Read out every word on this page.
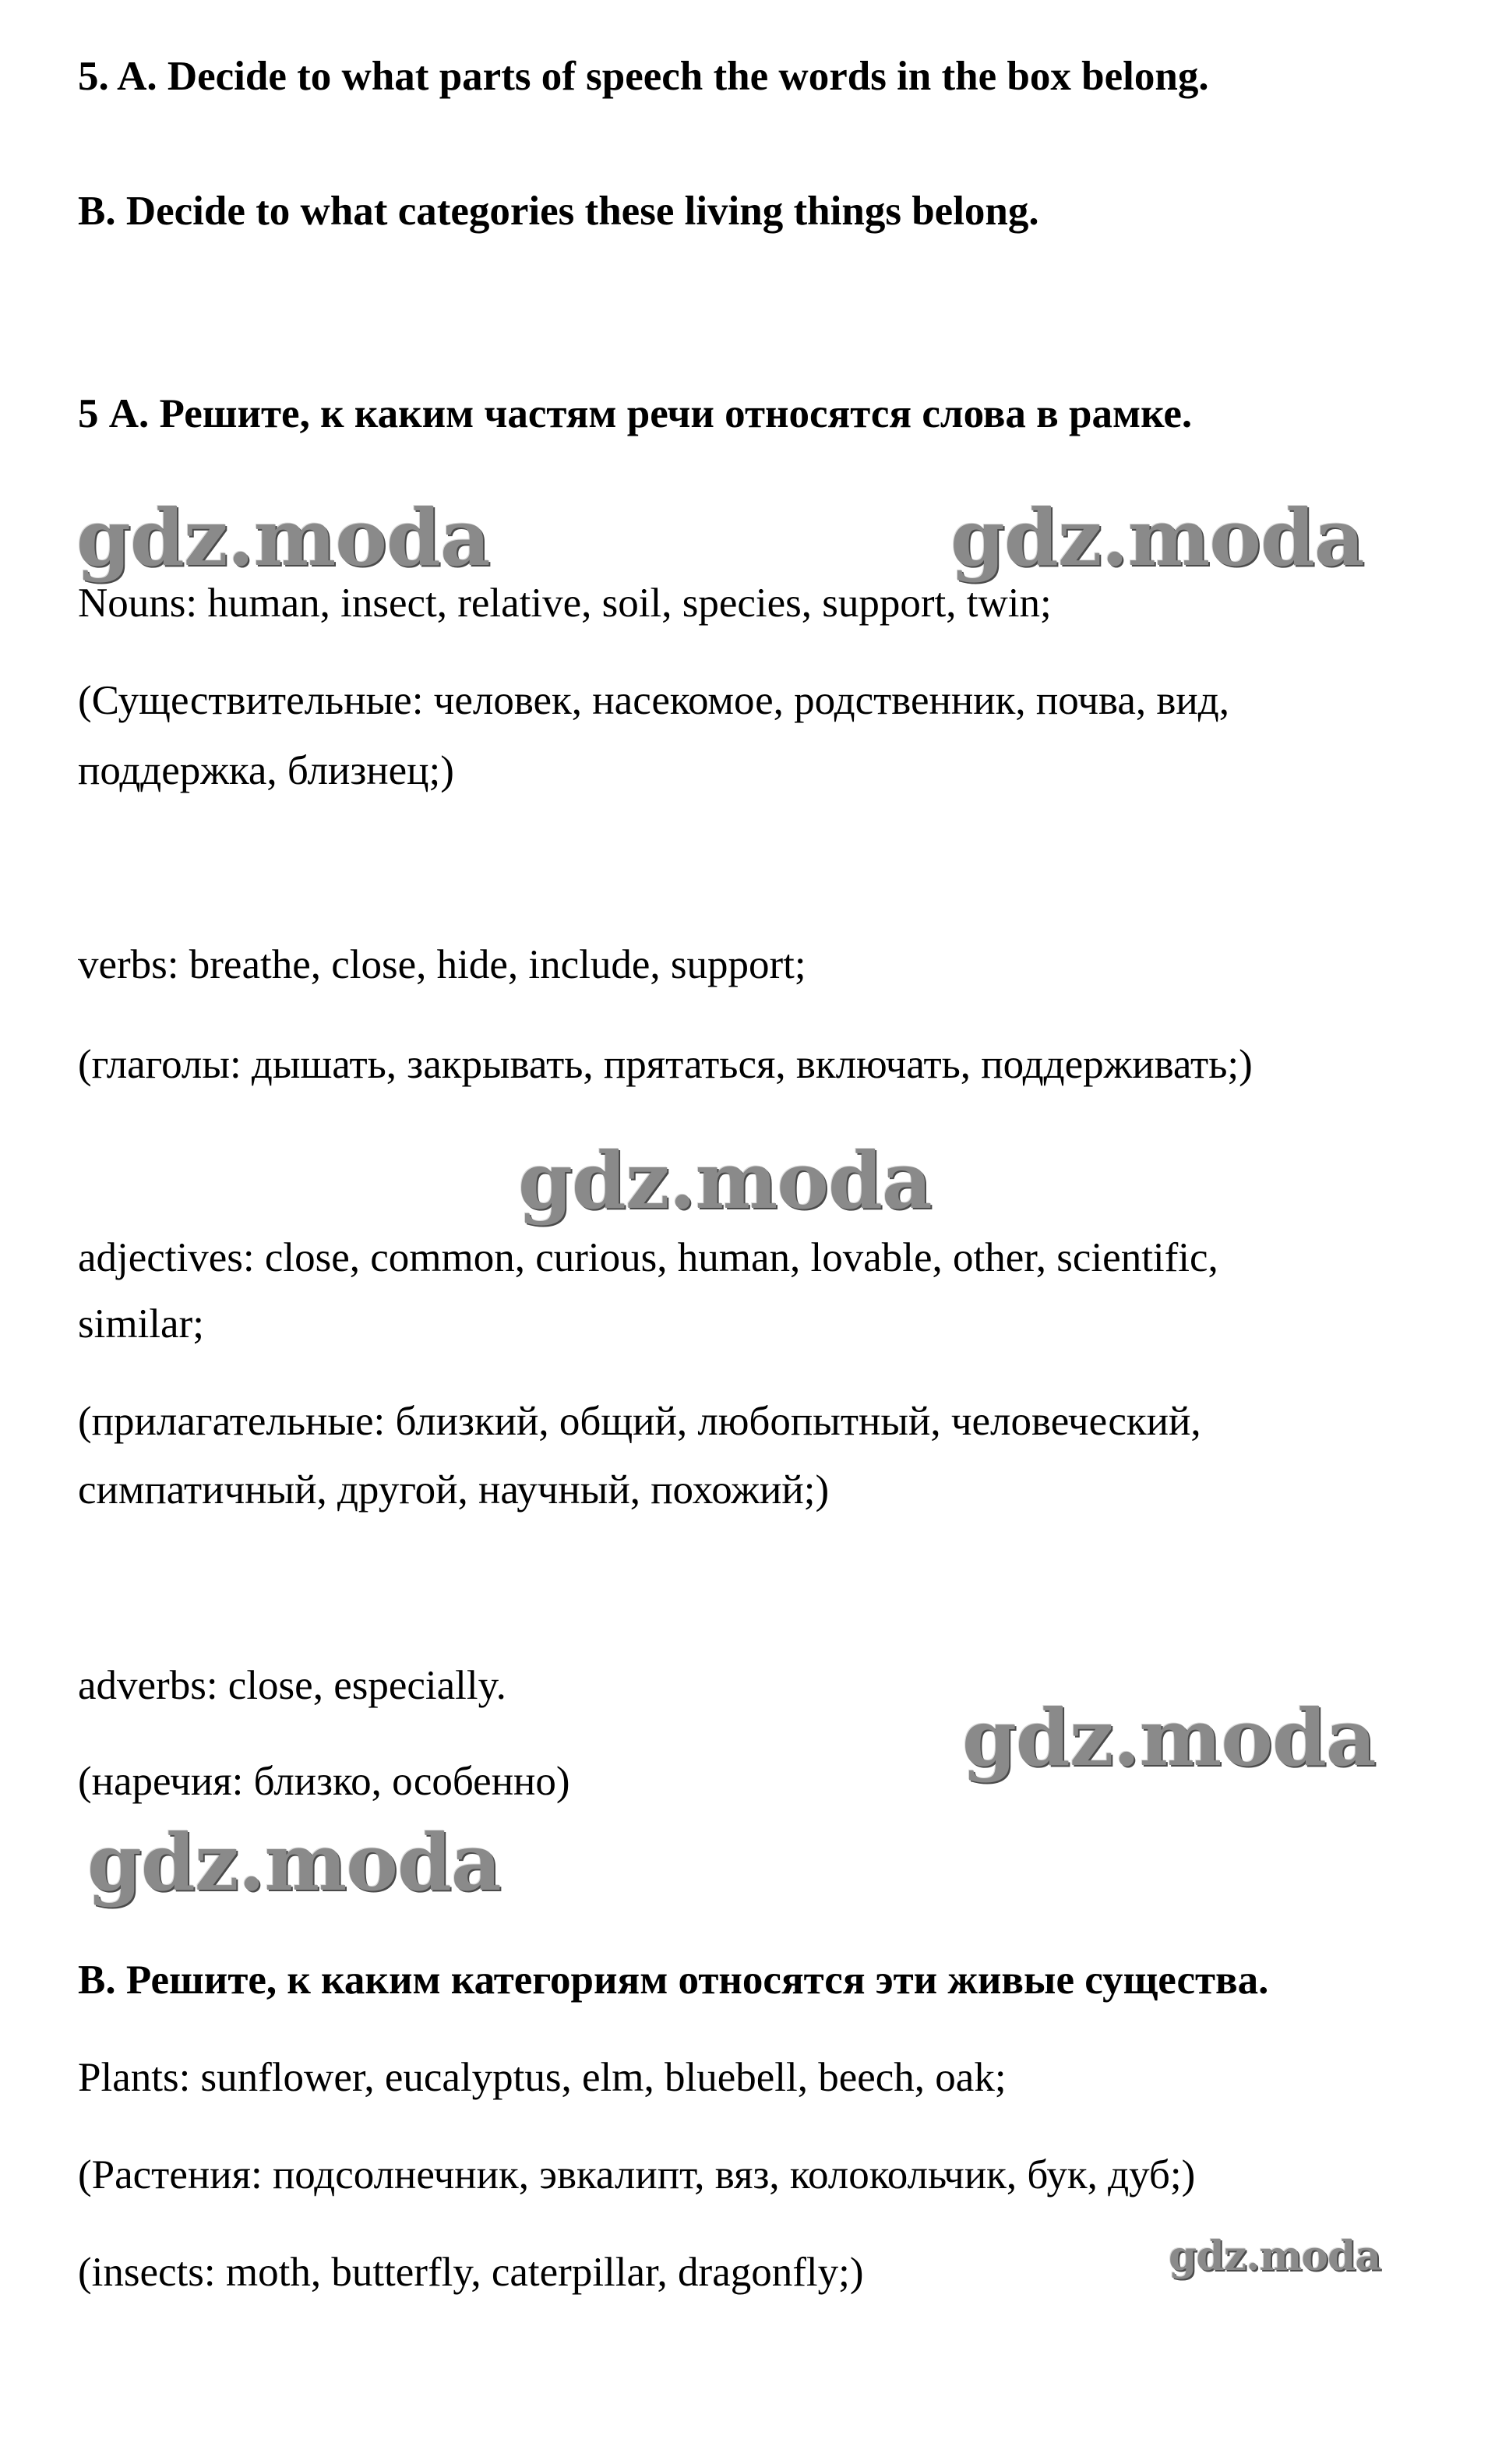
5. A. Decide to what parts of speech the words in the box belong.
B. Decide to what categories these living things belong.
5 А. Решите, к каким частям речи относятся слова в рамке.
gdz.moda	gdz.moda
Nouns: human, insect, relative, soil, species, support, twin;
(Существительные: человек, насекомое, родственник, почва, вид,
поддержка, близнец;)
verbs: breathe, close, hide, include, support;
(глаголы: дышать, закрывать, прятаться, включать, поддерживать;)
gdz.moda
adjectives: close, common, curious, human, lovable, other, scientific,
similar;
(прилагательные: близкий, общий, любопытный, человеческий,
симпатичный, другой, научный, похожий;)
adverbs: close, especially.
gdz.moda
(наречия: близко, особенно)
gdz.moda
В. Решите, к каким категориям относятся эти живые существа.
Plants: sunflower, eucalyptus, elm, bluebell, beech, oak;
(Растения: подсолнечник, эвкалипт, вяз, колокольчик, бук, дуб;)
(insects: moth, butterfly, caterpillar, dragonfly;)	gdz.moda
